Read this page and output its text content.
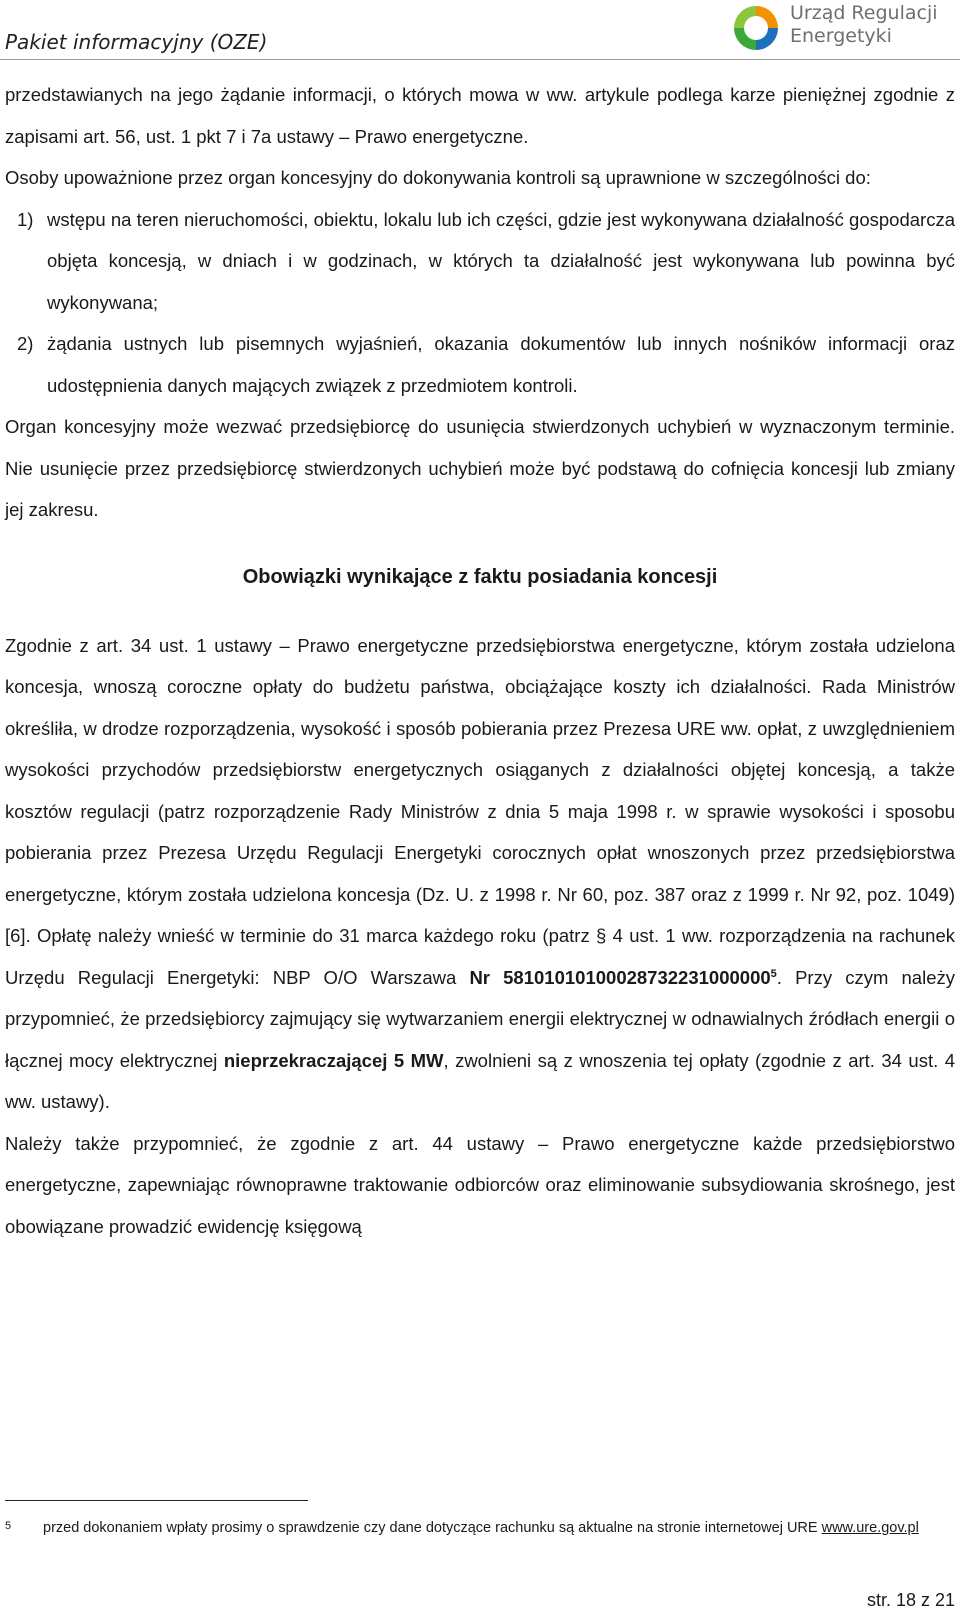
Pakiet informacyjny (OZE)
Urząd Regulacji
Energetyki

przedstawianych na jego żądanie informacji, o których mowa w ww. artykule podlega karze pieniężnej zgodnie z zapisami art. 56, ust. 1 pkt 7 i 7a ustawy – Prawo energetyczne.

Osoby upoważnione przez organ koncesyjny do dokonywania kontroli są uprawnione w szczególności do:

1) wstępu na teren nieruchomości, obiektu, lokalu lub ich części, gdzie jest wykonywana działalność gospodarcza objęta koncesją, w dniach i w godzinach, w których ta działalność jest wykonywana lub powinna być wykonywana;
2) żądania ustnych lub pisemnych wyjaśnień, okazania dokumentów lub innych nośników informacji oraz udostępnienia danych mających związek z przedmiotem kontroli.

Organ koncesyjny może wezwać przedsiębiorcę do usunięcia stwierdzonych uchybień w wyznaczonym terminie. Nie usunięcie przez przedsiębiorcę stwierdzonych uchybień może być podstawą do cofnięcia koncesji lub zmiany jej zakresu.

Obowiązki wynikające z faktu posiadania koncesji

Zgodnie z art. 34 ust. 1 ustawy – Prawo energetyczne przedsiębiorstwa energetyczne, którym została udzielona koncesja, wnoszą coroczne opłaty do budżetu państwa, obciążające koszty ich działalności. Rada Ministrów określiła, w drodze rozporządzenia, wysokość i sposób pobierania przez Prezesa URE ww. opłat, z uwzględnieniem wysokości przychodów przedsiębiorstw energetycznych osiąganych z działalności objętej koncesją, a także kosztów regulacji (patrz rozporządzenie Rady Ministrów z dnia 5 maja 1998 r. w sprawie wysokości i sposobu pobierania przez Prezesa Urzędu Regulacji Energetyki corocznych opłat wnoszonych przez przedsiębiorstwa energetyczne, którym została udzielona koncesja (Dz. U. z 1998 r. Nr 60, poz. 387 oraz z 1999 r. Nr 92, poz. 1049) [6]. Opłatę należy wnieść w terminie do 31 marca każdego roku (patrz § 4 ust. 1 ww. rozporządzenia na rachunek Urzędu Regulacji Energetyki: NBP O/O Warszawa Nr 58101010100028732231000000$^5$. Przy czym należy przypomnieć, że przedsiębiorcy zajmujący się wytwarzaniem energii elektrycznej w odnawialnych źródłach energii o łącznej mocy elektrycznej nieprzekraczającej 5 MW, zwolnieni są z wnoszenia tej opłaty (zgodnie z art. 34 ust. 4 ww. ustawy).

Należy także przypomnieć, że zgodnie z art. 44 ustawy – Prawo energetyczne każde przedsiębiorstwo energetyczne, zapewniając równoprawne traktowanie odbiorców oraz eliminowanie subsydiowania skrośnego, jest obowiązane prowadzić ewidencję księgową

5 przed dokonaniem wpłaty prosimy o sprawdzenie czy dane dotyczące rachunku są aktualne na stronie internetowej URE www.ure.gov.pl
str. 18 z 21
